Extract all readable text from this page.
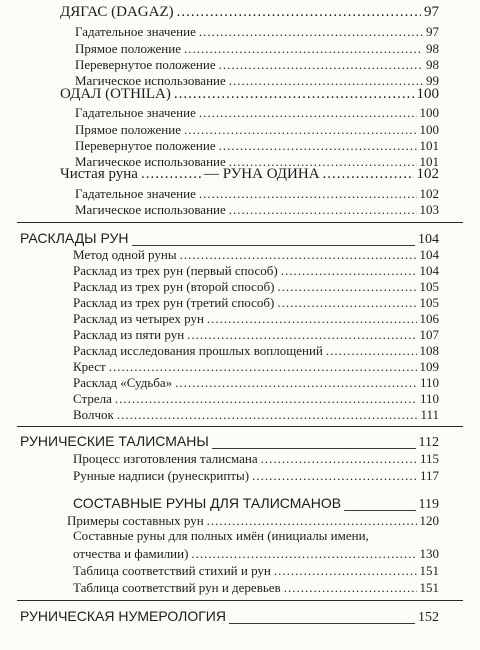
ДЯГАС (DAGAZ) .....	97
Гадательное значение .....	97
Прямое положение .....	98
Перевернутое положение .....	98
Магическое использование .....	99
ОДАЛ (OTHILA) .....	100
Гадательное значение .....	100
Прямое положение .....	100
Перевернутое положение .....	101
Магическое использование .....	101
Чистая руна .....	— РУНА ОДИНА .....	102
Гадательное значение .....	102
Магическое использование .....	103
РАСКЛАДЫ РУН _____	104
Метод одной руны .....	104
Расклад из трех рун (первый способ) .....	104
Расклад из трех рун (второй способ) .....	105
Расклад из трех рун (третий способ) .....	105
Расклад из четырех рун .....	106
Расклад из пяти рун .....	107
Расклад исследования прошлых воплощений .....	108
Крест .....	109
Расклад «Судьба» .....	110
Стрела .....	110
Волчок .....	111
РУНИЧЕСКИЕ ТАЛИСМАНЫ _____	112
Процесс изготовления талисмана .....	115
Рунные надписи (рунескрипты) .....	117
СОСТАВНЫЕ РУНЫ ДЛЯ ТАЛИСМАНОВ _____	119
Примеры составных рун .....	120
Составные руны для полных имён (инициалы имени,
отчества и фамилии) .....	130
Таблица соответствий стихий и рун .....	151
Таблица соответствий рун и деревьев .....	151
РУНИЧЕСКАЯ НУМЕРОЛОГИЯ _____	152
